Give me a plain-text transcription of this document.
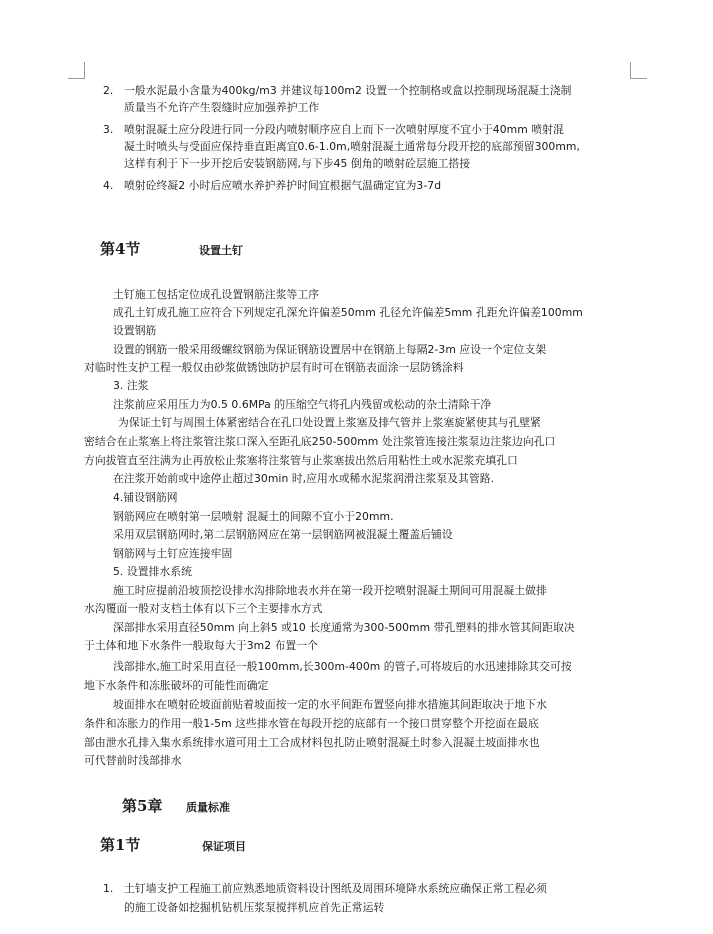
2. 一般水泥最小含量为400kg/m3 并建议每100m2 设置一个控制格或盒以控制现场混凝土浇制
质量当不允许产生裂缝时应加强养护工作
3. 喷射混凝土应分段进行同一分段内喷射顺序应自上而下一次喷射厚度不宜小于40mm 喷射混
凝土时喷头与受面应保持垂直距离宜0.6-1.0m,喷射混凝土通常每分段开挖的底部预留300mm,
这样有利于下一步开挖后安装钢筋网,与下步45 倒角的喷射砼层施工搭接
4. 喷射砼终凝2 小时后应喷水养护养护时间宜根据气温确定宜为3-7d
第4节	设置土钉
土钉施工包括定位成孔设置钢筋注浆等工序
成孔土钉成孔施工应符合下列规定孔深允许偏差50mm 孔径允许偏差5mm 孔距允许偏差100mm
设置钢筋
设置的钢筋一般采用级螺纹钢筋为保证钢筋设置居中在钢筋上每隔2-3m 应设一个定位支架
对临时性支护工程一般仅由砂浆做锈蚀防护层有时可在钢筋表面涂一层防锈涂料
3. 注浆
注浆前应采用压力为0.5 0.6MPa 的压缩空气将孔内残留或松动的杂土清除干净
为保证土钉与周围土体紧密结合在孔口处设置上浆塞及排气管并上浆塞旋紧使其与孔壁紧
密结合在止浆塞上将注浆管注浆口深入至距孔底250-500mm 处注浆管连接注浆泵边注浆边向孔口
方向拔管直至注满为止再放松止浆塞将注浆管与止浆塞拔出然后用粘性土或水泥浆充填孔口
在注浆开始前或中途停止超过30min 时,应用水或稀水泥浆润滑注浆泵及其管路.
4.铺设钢筋网
钢筋网应在喷射第一层喷射 混凝土的间隙不宜小于20mm.
采用双层钢筋网时,第二层钢筋网应在第一层钢筋网被混凝土覆盖后铺设
钢筋网与土钉应连接牢固
5. 设置排水系统
施工时应提前沿坡顶挖设排水沟排除地表水并在第一段开挖喷射混凝土期间可用混凝土做排
水沟覆面一般对支档土体有以下三个主要排水方式
深部排水采用直径50mm 向上斜5 或10 长度通常为300-500mm 带孔塑料的排水管其间距取决
于土体和地下水条件一般取每大于3m2 布置一个
浅部排水,施工时采用直径一般100mm,长300m-400m 的管子,可将坡后的水迅速排除其交可按
地下水条件和冻胀破坏的可能性而确定
坡面排水在喷射砼坡面前贴着坡面按一定的水平间距布置竖向排水措施其间距取决于地下水
条件和冻胀力的作用一般1-5m 这些排水管在每段开挖的底部有一个接口贯穿整个开挖面在最底
部由泄水孔排入集水系统排水道可用土工合成材料包扎防止喷射混凝土时参入混凝土坡面排水也
可代替前时浅部排水
第5章 质量标准
第1节	保证项目
1. 土钉墙支护工程施工前应熟悉地质资料设计图纸及周围环境降水系统应确保正常工程必须
的施工设备如挖掘机钻机压浆泵搅拌机应首先正常运转
